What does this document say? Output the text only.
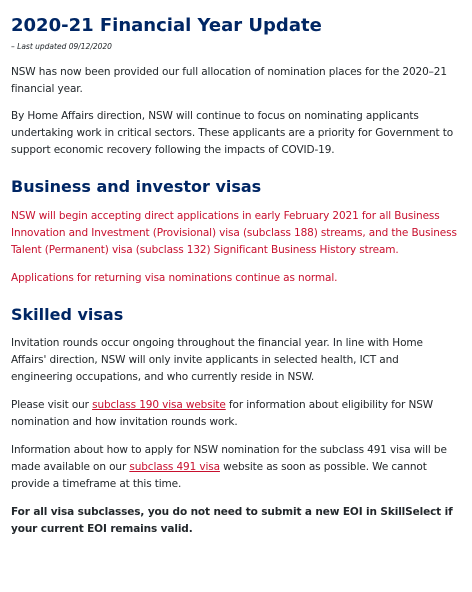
2020-21 Financial Year Update
– Last updated 09/12/2020

NSW has now been provided our full allocation of nomination places for the 2020–21 financial year.

By Home Affairs direction, NSW will continue to focus on nominating applicants undertaking work in critical sectors. These applicants are a priority for Government to support economic recovery following the impacts of COVID-19.

Business and investor visas

NSW will begin accepting direct applications in early February 2021 for all Business Innovation and Investment (Provisional) visa (subclass 188) streams, and the Business Talent (Permanent) visa (subclass 132) Significant Business History stream.

Applications for returning visa nominations continue as normal.

Skilled visas

Invitation rounds occur ongoing throughout the financial year. In line with Home Affairs' direction, NSW will only invite applicants in selected health, ICT and engineering occupations, and who currently reside in NSW.

Please visit our subclass 190 visa website for information about eligibility for NSW nomination and how invitation rounds work.

Information about how to apply for NSW nomination for the subclass 491 visa will be made available on our subclass 491 visa website as soon as possible. We cannot provide a timeframe at this time.

For all visa subclasses, you do not need to submit a new EOI in SkillSelect if your current EOI remains valid.
